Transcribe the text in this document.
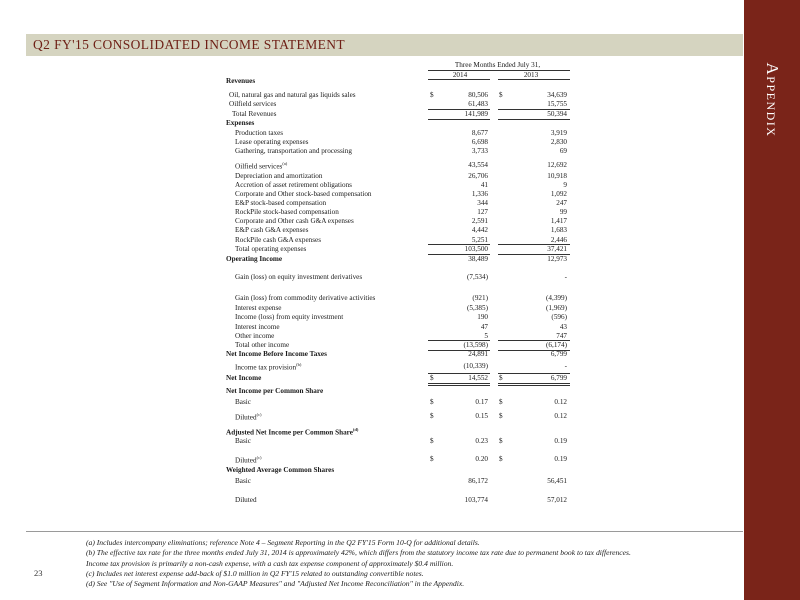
Appendix
Q2 FY'15 CONSOLIDATED INCOME STATEMENT
Three Months Ended July 31,
2014	2013
Revenues
Oil, natural gas and natural gas liquids sales	$	80,506 $	34,639
Oilfield services	61,483	15,755
Total Revenues	141,989	50,394
Expenses
Production taxes	8,677	3,919
Lease operating expenses	6,698	2,830
Gathering, transportation and processing	3,733	69
Oilfield services$^{(a)}$	43,554	12,692
Depreciation and amortization	26,706	10,918
Accretion of asset retirement obligations	41	9
Corporate and Other stock-based compensation	1,336	1,092
E&P stock-based compensation	344	247
RockPile stock-based compensation	127	99
Corporate and Other cash G&A expenses	2,591	1,417
E&P cash G&A expenses	4,442	1,683
RockPile cash G&A expenses	5,251	2,446
Total operating expenses	103,500	37,421
Operating Income	38,489	12,973
Gain (loss) on equity investment derivatives	(7,534)	-
Gain (loss) from commodity derivative activities	(921)	(4,399)
Interest expense	(5,385)	(1,969)
Income (loss) from equity investment	190	(596)
Interest income	47	43
Other income	5	747
Total other income	(13,598)	(6,174)
Net Income Before Income Taxes	24,891	6,799
Income tax provision$^{(b)}$	(10,339)	-
Net Income	$	14,552 $	6,799
Net Income per Common Share
Basic	$	0.17 $	0.12
Diluted$^{(c)}$	$	0.15 $	0.12
Adjusted Net Income per Common Share$^{(d)}$
Basic	$	0.23 $	0.19
Diluted$^{(c)}$	$	0.20 $	0.19
Weighted Average Common Shares
Basic	86,172	56,451
Diluted	103,774	57,012
(a) Includes intercompany eliminations; reference Note 4 – Segment Reporting in the Q2 FY'15 Form 10-Q for additional details.
(b) The effective tax rate for the three months ended July 31, 2014 is approximately 42%, which differs from the statutory income tax rate due to permanent book to tax differences.
Income tax provision is primarily a non-cash expense, with a cash tax expense component of approximately $0.4 million.
(c) Includes net interest expense add-back of $1.0 million in Q2 FY'15 related to outstanding convertible notes.
(d) See "Use of Segment Information and Non-GAAP Measures" and "Adjusted Net Income Reconciliation" in the Appendix.
23
